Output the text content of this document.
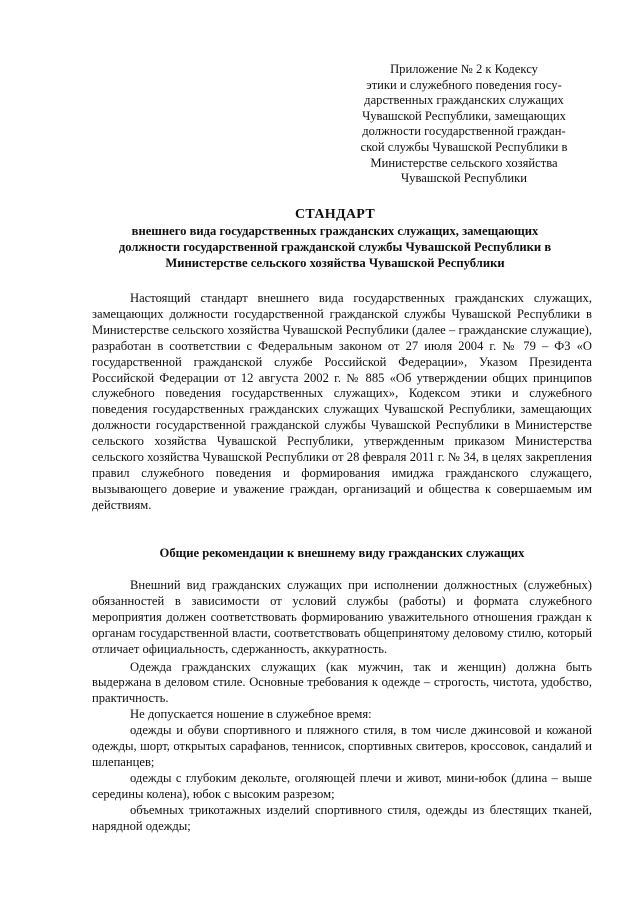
Приложение № 2 к Кодексу
этики и служебного поведения госу-
дарственных гражданских служащих
Чувашской Республики, замещающих
должности государственной граждан-
ской службы Чувашской Республики в
Министерстве сельского хозяйства
Чувашской Республики
СТАНДАРТ
внешнего вида государственных гражданских служащих, замещающих
должности государственной гражданской службы Чувашской Республики в
Министерстве сельского хозяйства Чувашской Республики

Настоящий стандарт внешнего вида государственных гражданских служащих, замещающих должности государственной гражданской службы Чувашской Республики в Министерстве сельского хозяйства Чувашской Республики (далее – гражданские служащие), разработан в соответствии с Федеральным законом от 27 июля 2004 г. № 79 – ФЗ «О государственной гражданской службе Российской Федерации», Указом Президента Российской Федерации от 12 августа 2002 г. № 885 «Об утверждении общих принципов служебного поведения государственных служащих», Кодексом этики и служебного поведения государственных гражданских служащих Чувашской Республики, замещающих должности государственной гражданской службы Чувашской Республики в Министерстве сельского хозяйства Чувашской Республики, утвержденным приказом Министерства сельского хозяйства Чувашской Республики от 28 февраля 2011 г. № 34, в целях закрепления правил служебного поведения и формирования имиджа гражданского служащего, вызывающего доверие и уважение граждан, организаций и общества к совершаемым им действиям.

Общие рекомендации к внешнему виду гражданских служащих

Внешний вид гражданских служащих при исполнении должностных (служебных) обязанностей в зависимости от условий службы (работы) и формата служебного мероприятия должен соответствовать формированию уважительного отношения граждан к органам государственной власти, соответствовать общепринятому деловому стилю, который отличает официальность, сдержанность, аккуратность.

Одежда гражданских служащих (как мужчин, так и женщин) должна быть выдержана в деловом стиле. Основные требования к одежде – строгость, чистота, удобство, практичность.

Не допускается ношение в служебное время:

одежды и обуви спортивного и пляжного стиля, в том числе джинсовой и кожаной одежды, шорт, открытых сарафанов, теннисок, спортивных свитеров, кроссовок, сандалий и шлепанцев;

одежды с глубоким декольте, оголяющей плечи и живот, мини-юбок (длина – выше середины колена), юбок с высоким разрезом;

объемных трикотажных изделий спортивного стиля, одежды из блестящих тканей, нарядной одежды;
